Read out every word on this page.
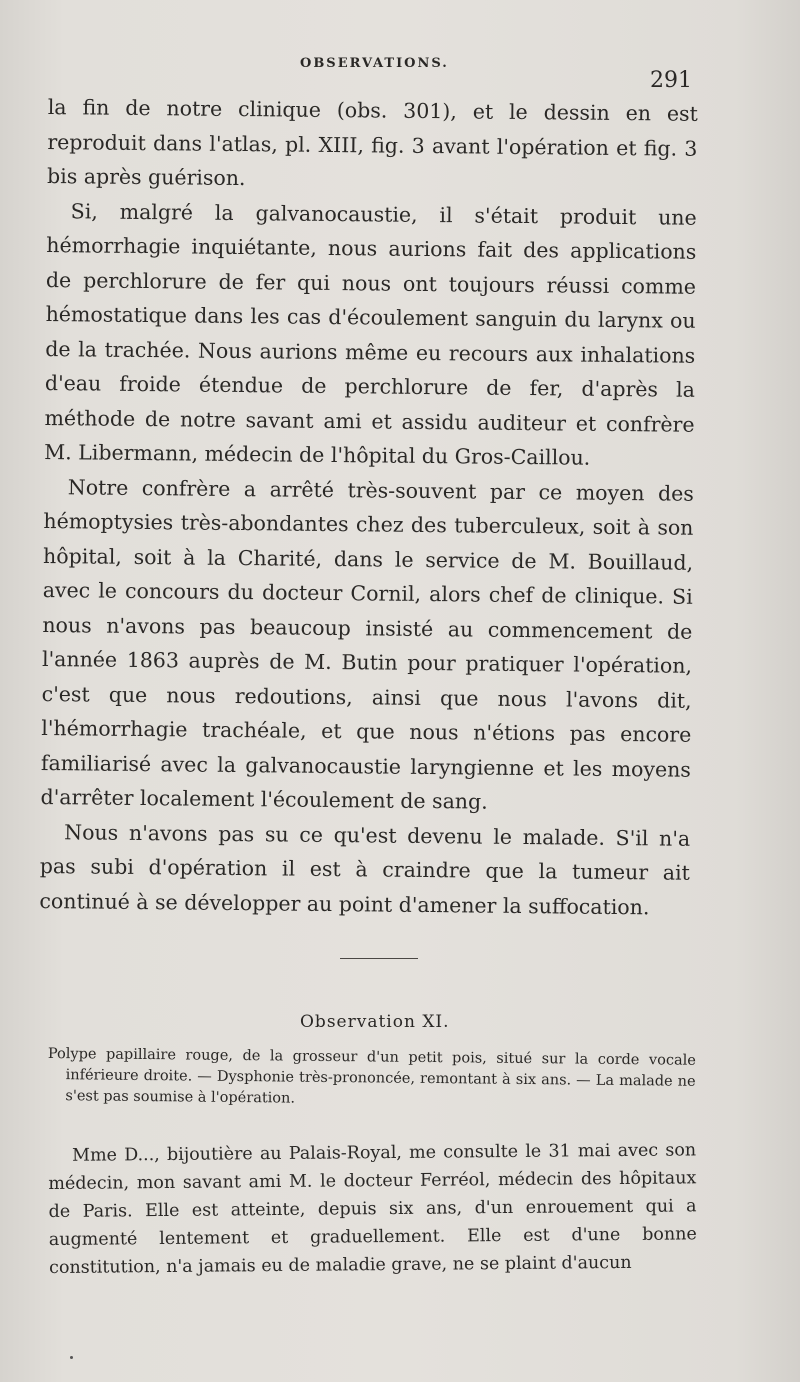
OBSERVATIONS.
291

la fin de notre clinique (obs. 301), et le dessin en est reproduit dans l'atlas, pl. XIII, fig. 3 avant l'opération et fig. 3 bis après guérison.

Si, malgré la galvanocaustie, il s'était produit une hémorrhagie inquiétante, nous aurions fait des applications de perchlorure de fer qui nous ont toujours réussi comme hémostatique dans les cas d'écoulement sanguin du larynx ou de la trachée. Nous aurions même eu recours aux inhalations d'eau froide étendue de perchlorure de fer, d'après la méthode de notre savant ami et assidu auditeur et confrère M. Libermann, médecin de l'hôpital du Gros-Caillou.

Notre confrère a arrêté très-souvent par ce moyen des hémoptysies très-abondantes chez des tuberculeux, soit à son hôpital, soit à la Charité, dans le service de M. Bouillaud, avec le concours du docteur Cornil, alors chef de clinique. Si nous n'avons pas beaucoup insisté au commencement de l'année 1863 auprès de M. Butin pour pratiquer l'opération, c'est que nous redoutions, ainsi que nous l'avons dit, l'hémorrhagie trachéale, et que nous n'étions pas encore familiarisé avec la galvanocaustie laryngienne et les moyens d'arrêter localement l'écoulement de sang.

Nous n'avons pas su ce qu'est devenu le malade. S'il n'a pas subi d'opération il est à craindre que la tumeur ait continué à se développer au point d'amener la suffocation.

Observation XI.

Polype papillaire rouge, de la grosseur d'un petit pois, situé sur la corde vocale inférieure droite. — Dysphonie très-prononcée, remontant à six ans. — La malade ne s'est pas soumise à l'opération.

Mme D..., bijoutière au Palais-Royal, me consulte le 31 mai avec son médecin, mon savant ami M. le docteur Ferréol, médecin des hôpitaux de Paris. Elle est atteinte, depuis six ans, d'un enrouement qui a augmenté lentement et graduellement. Elle est d'une bonne constitution, n'a jamais eu de maladie grave, ne se plaint d'aucun
